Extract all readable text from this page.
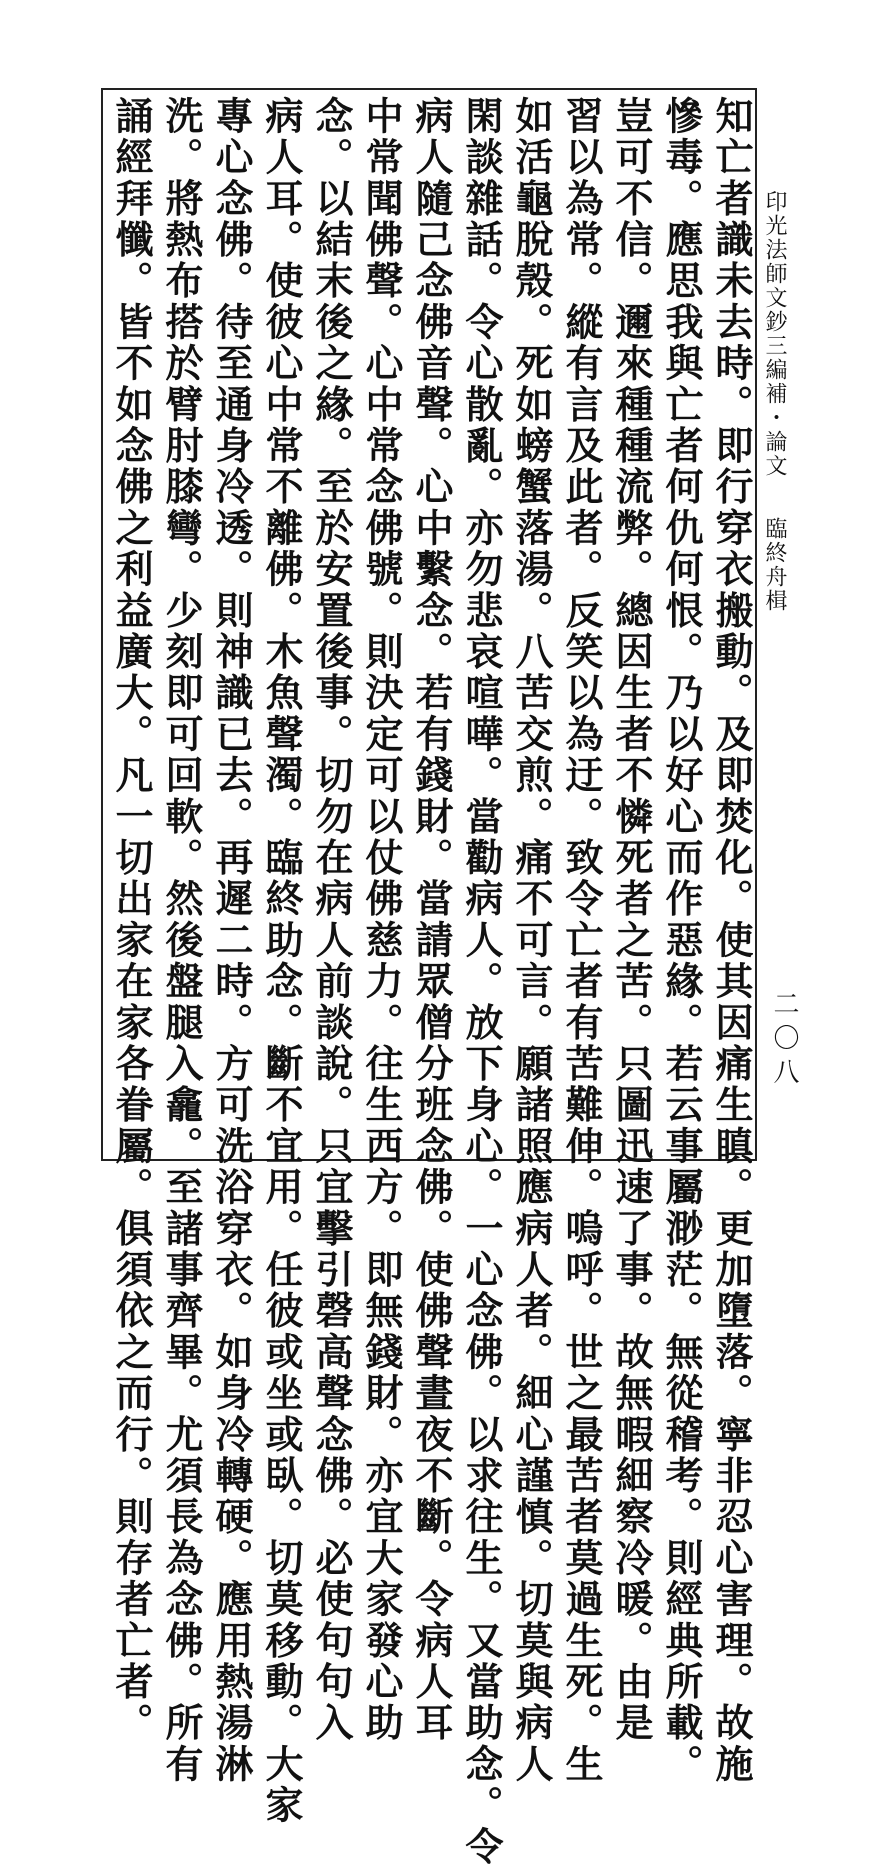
印光法師文鈔三編補・論文 臨終舟楫
二〇八
知亡者識未去時。即行穿衣搬動。及即焚化。使其因痛生瞋。更加墮落。寧非忍心害理。故施
慘毒。應思我與亡者何仇何恨。乃以好心而作惡緣。若云事屬渺茫。無從稽考。則經典所載。
豈可不信。邇來種種流弊。總因生者不憐死者之苦。只圖迅速了事。故無暇細察冷暖。由是
習以為常。縱有言及此者。反笑以為迂。致令亡者有苦難伸。嗚呼。世之最苦者莫過生死。生
如活龜脫殼。死如螃蟹落湯。八苦交煎。痛不可言。願諸照應病人者。細心謹慎。切莫與病人
閑談雜話。令心散亂。亦勿悲哀喧嘩。當勸病人。放下身心。一心念佛。以求往生。又當助念。令
病人隨己念佛音聲。心中繫念。若有錢財。當請眾僧分班念佛。使佛聲晝夜不斷。令病人耳
中常聞佛聲。心中常念佛號。則決定可以仗佛慈力。往生西方。即無錢財。亦宜大家發心助
念。以結末後之緣。至於安置後事。切勿在病人前談說。只宜擊引磬高聲念佛。必使句句入
病人耳。使彼心中常不離佛。木魚聲濁。臨終助念。斷不宜用。任彼或坐或臥。切莫移動。大家
專心念佛。待至通身冷透。則神識已去。再遲二時。方可洗浴穿衣。如身冷轉硬。應用熱湯淋
洗。將熱布搭於臂肘膝彎。少刻即可回軟。然後盤腿入龕。至諸事齊畢。尤須長為念佛。所有
誦經拜懺。皆不如念佛之利益廣大。凡一切出家在家各眷屬。俱須依之而行。則存者亡者。
